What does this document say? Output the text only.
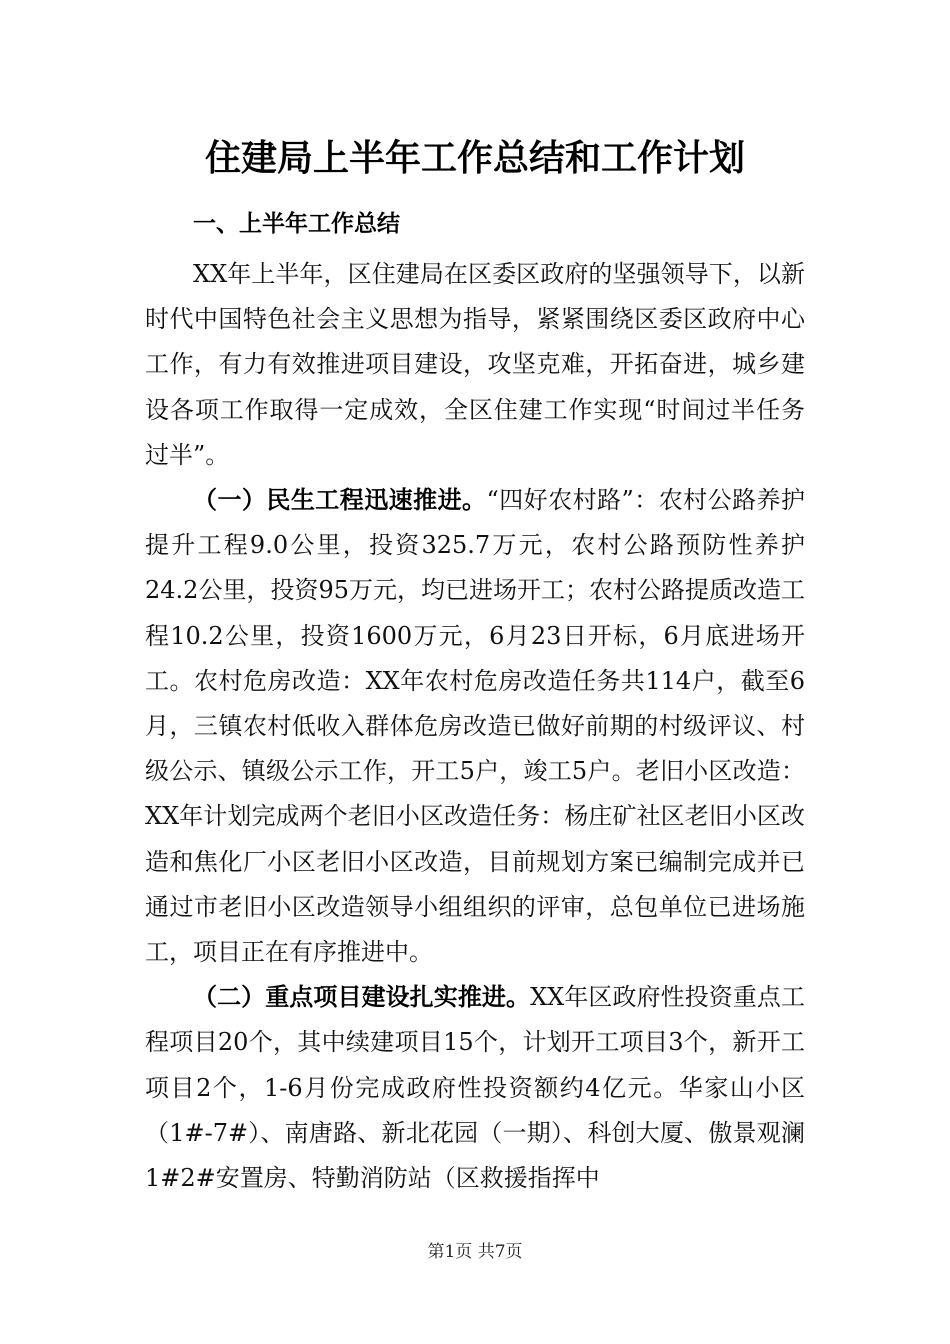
住建局上半年工作总结和工作计划
一、上半年工作总结

XX年上半年，区住建局在区委区政府的坚强领导下，以新时代中国特色社会主义思想为指导，紧紧围绕区委区政府中心工作，有力有效推进项目建设，攻坚克难，开拓奋进，城乡建设各项工作取得一定成效，全区住建工作实现“时间过半任务过半”。

（一）民生工程迅速推进。“四好农村路”：农村公路养护提升工程9.0公里，投资325.7万元，农村公路预防性养护24.2公里，投资95万元，均已进场开工；农村公路提质改造工程10.2公里，投资1600万元，6月23日开标，6月底进场开工。农村危房改造：XX年农村危房改造任务共114户，截至6月，三镇农村低收入群体危房改造已做好前期的村级评议、村级公示、镇级公示工作，开工5户，竣工5户。老旧小区改造：XX年计划完成两个老旧小区改造任务：杨庄矿社区老旧小区改造和焦化厂小区老旧小区改造，目前规划方案已编制完成并已通过市老旧小区改造领导小组组织的评审，总包单位已进场施工，项目正在有序推进中。

（二）重点项目建设扎实推进。XX年区政府性投资重点工程项目20个，其中续建项目15个，计划开工项目3个，新开工项目2个，1-6月份完成政府性投资额约4亿元。华家山小区（1#-7#）、南唐路、新北花园（一期）、科创大厦、傲景观澜1#2#安置房、特勤消防站（区救援指挥中

第1页 共7页
